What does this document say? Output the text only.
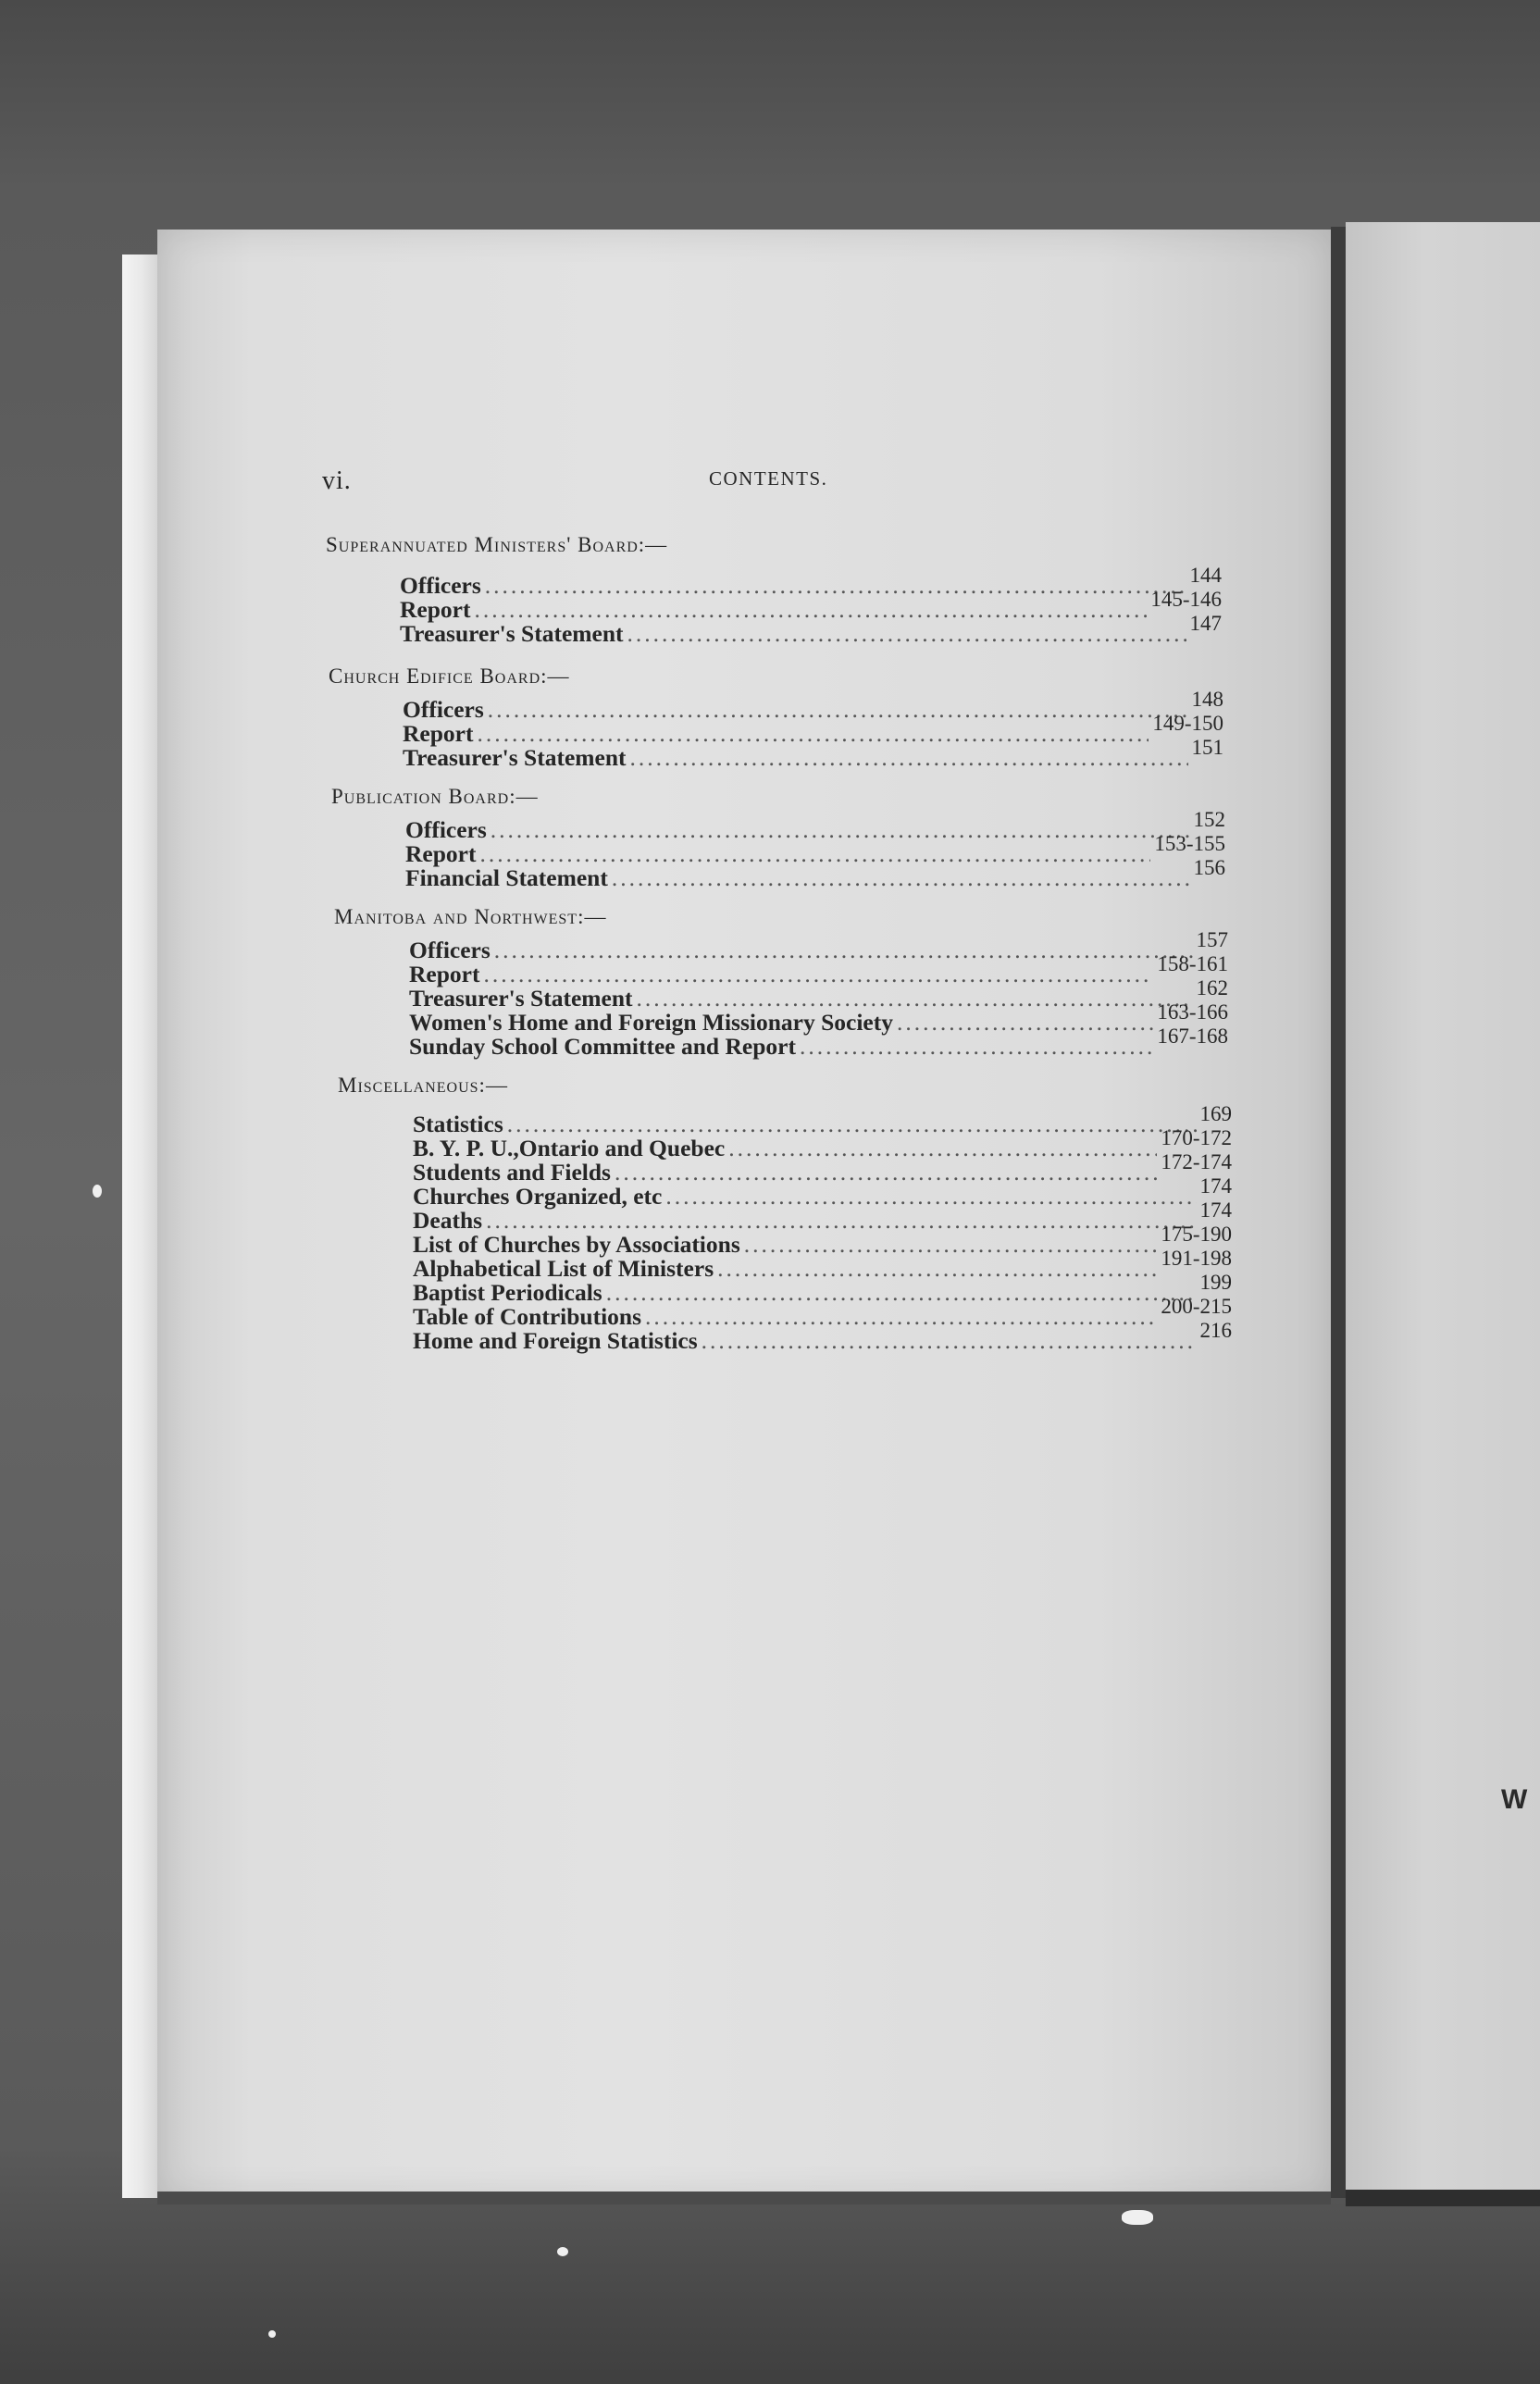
W
vi.	CONTENTS.
Superannuated Ministers' Board:—
Officers .....	144
Report .....	145-146
Treasurer's Statement .....	147
Church Edifice Board:—
Officers .....	148
Report .....	149-150
Treasurer's Statement .....	151
Publication Board:—
Officers .....	152
Report .....	153-155
Financial Statement .....	156
Manitoba and Northwest:—
Officers .....	157
Report .....	158-161
Treasurer's Statement .....	162
Women's Home and Foreign Missionary Society .....	163-166
Sunday School Committee and Report .....	167-168
Miscellaneous:—
Statistics .....	169
B. Y. P. U.,Ontario and Quebec .....	170-172
Students and Fields .....	172-174
Churches Organized, etc .....	174
Deaths .....	174
List of Churches by Associations .....	175-190
Alphabetical List of Ministers .....	191-198
Baptist Periodicals .....	199
Table of Contributions .....	200-215
Home and Foreign Statistics .....	216
